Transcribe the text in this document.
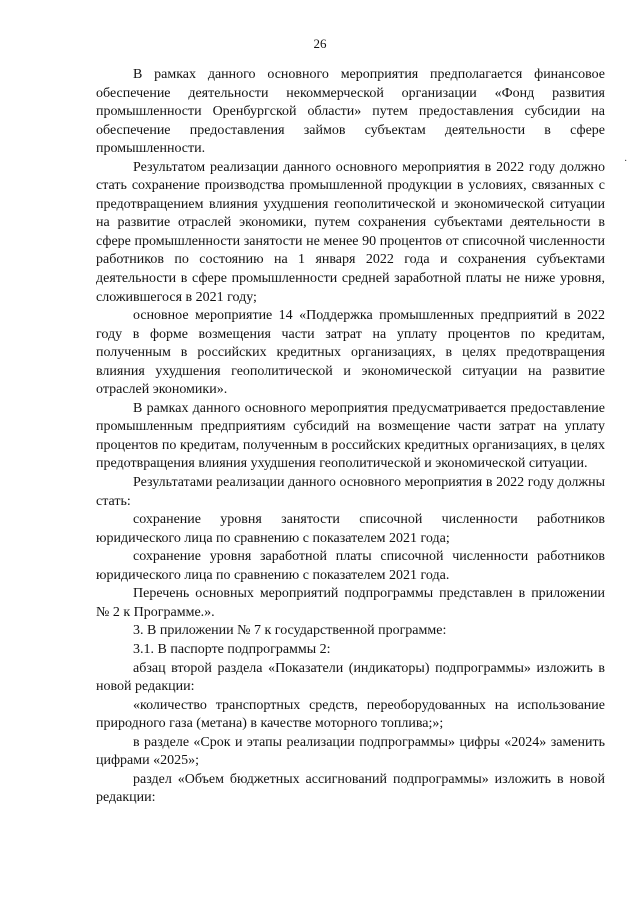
26
·

В рамках данного основного мероприятия предполагается финансовое обеспечение деятельности некоммерческой организации «Фонд развития промышленности Оренбургской области» путем предоставления субсидии на обеспечение предоставления займов субъектам деятельности в сфере промышленности.

Результатом реализации данного основного мероприятия в 2022 году должно стать сохранение производства промышленной продукции в условиях, связанных с предотвращением влияния ухудшения геополитической и экономической ситуации на развитие отраслей экономики, путем сохранения субъектами деятельности в сфере промышленности занятости не менее 90 процентов от списочной численности работников по состоянию на 1 января 2022 года и сохранения субъектами деятельности в сфере промышленности средней заработной платы не ниже уровня, сложившегося в 2021 году;

основное мероприятие 14 «Поддержка промышленных предприятий в 2022 году в форме возмещения части затрат на уплату процентов по кредитам, полученным в российских кредитных организациях, в целях предотвращения влияния ухудшения геополитической и экономической ситуации на развитие отраслей экономики».

В рамках данного основного мероприятия предусматривается предоставление промышленным предприятиям субсидий на возмещение части затрат на уплату процентов по кредитам, полученным в российских кредитных организациях, в целях предотвращения влияния ухудшения геополитической и экономической ситуации.

Результатами реализации данного основного мероприятия в 2022 году должны стать:

сохранение уровня занятости списочной численности работников юридического лица по сравнению с показателем 2021 года;

сохранение уровня заработной платы списочной численности работников юридического лица по сравнению с показателем 2021 года.

Перечень основных мероприятий подпрограммы представлен в приложении № 2 к Программе.».

3. В приложении № 7 к государственной программе:

3.1. В паспорте подпрограммы 2:

абзац второй раздела «Показатели (индикаторы) подпрограммы» изложить в новой редакции:

«количество транспортных средств, переоборудованных на использование природного газа (метана) в качестве моторного топлива;»;

в разделе «Срок и этапы реализации подпрограммы» цифры «2024» заменить цифрами «2025»;

раздел «Объем бюджетных ассигнований подпрограммы» изложить в новой редакции:
